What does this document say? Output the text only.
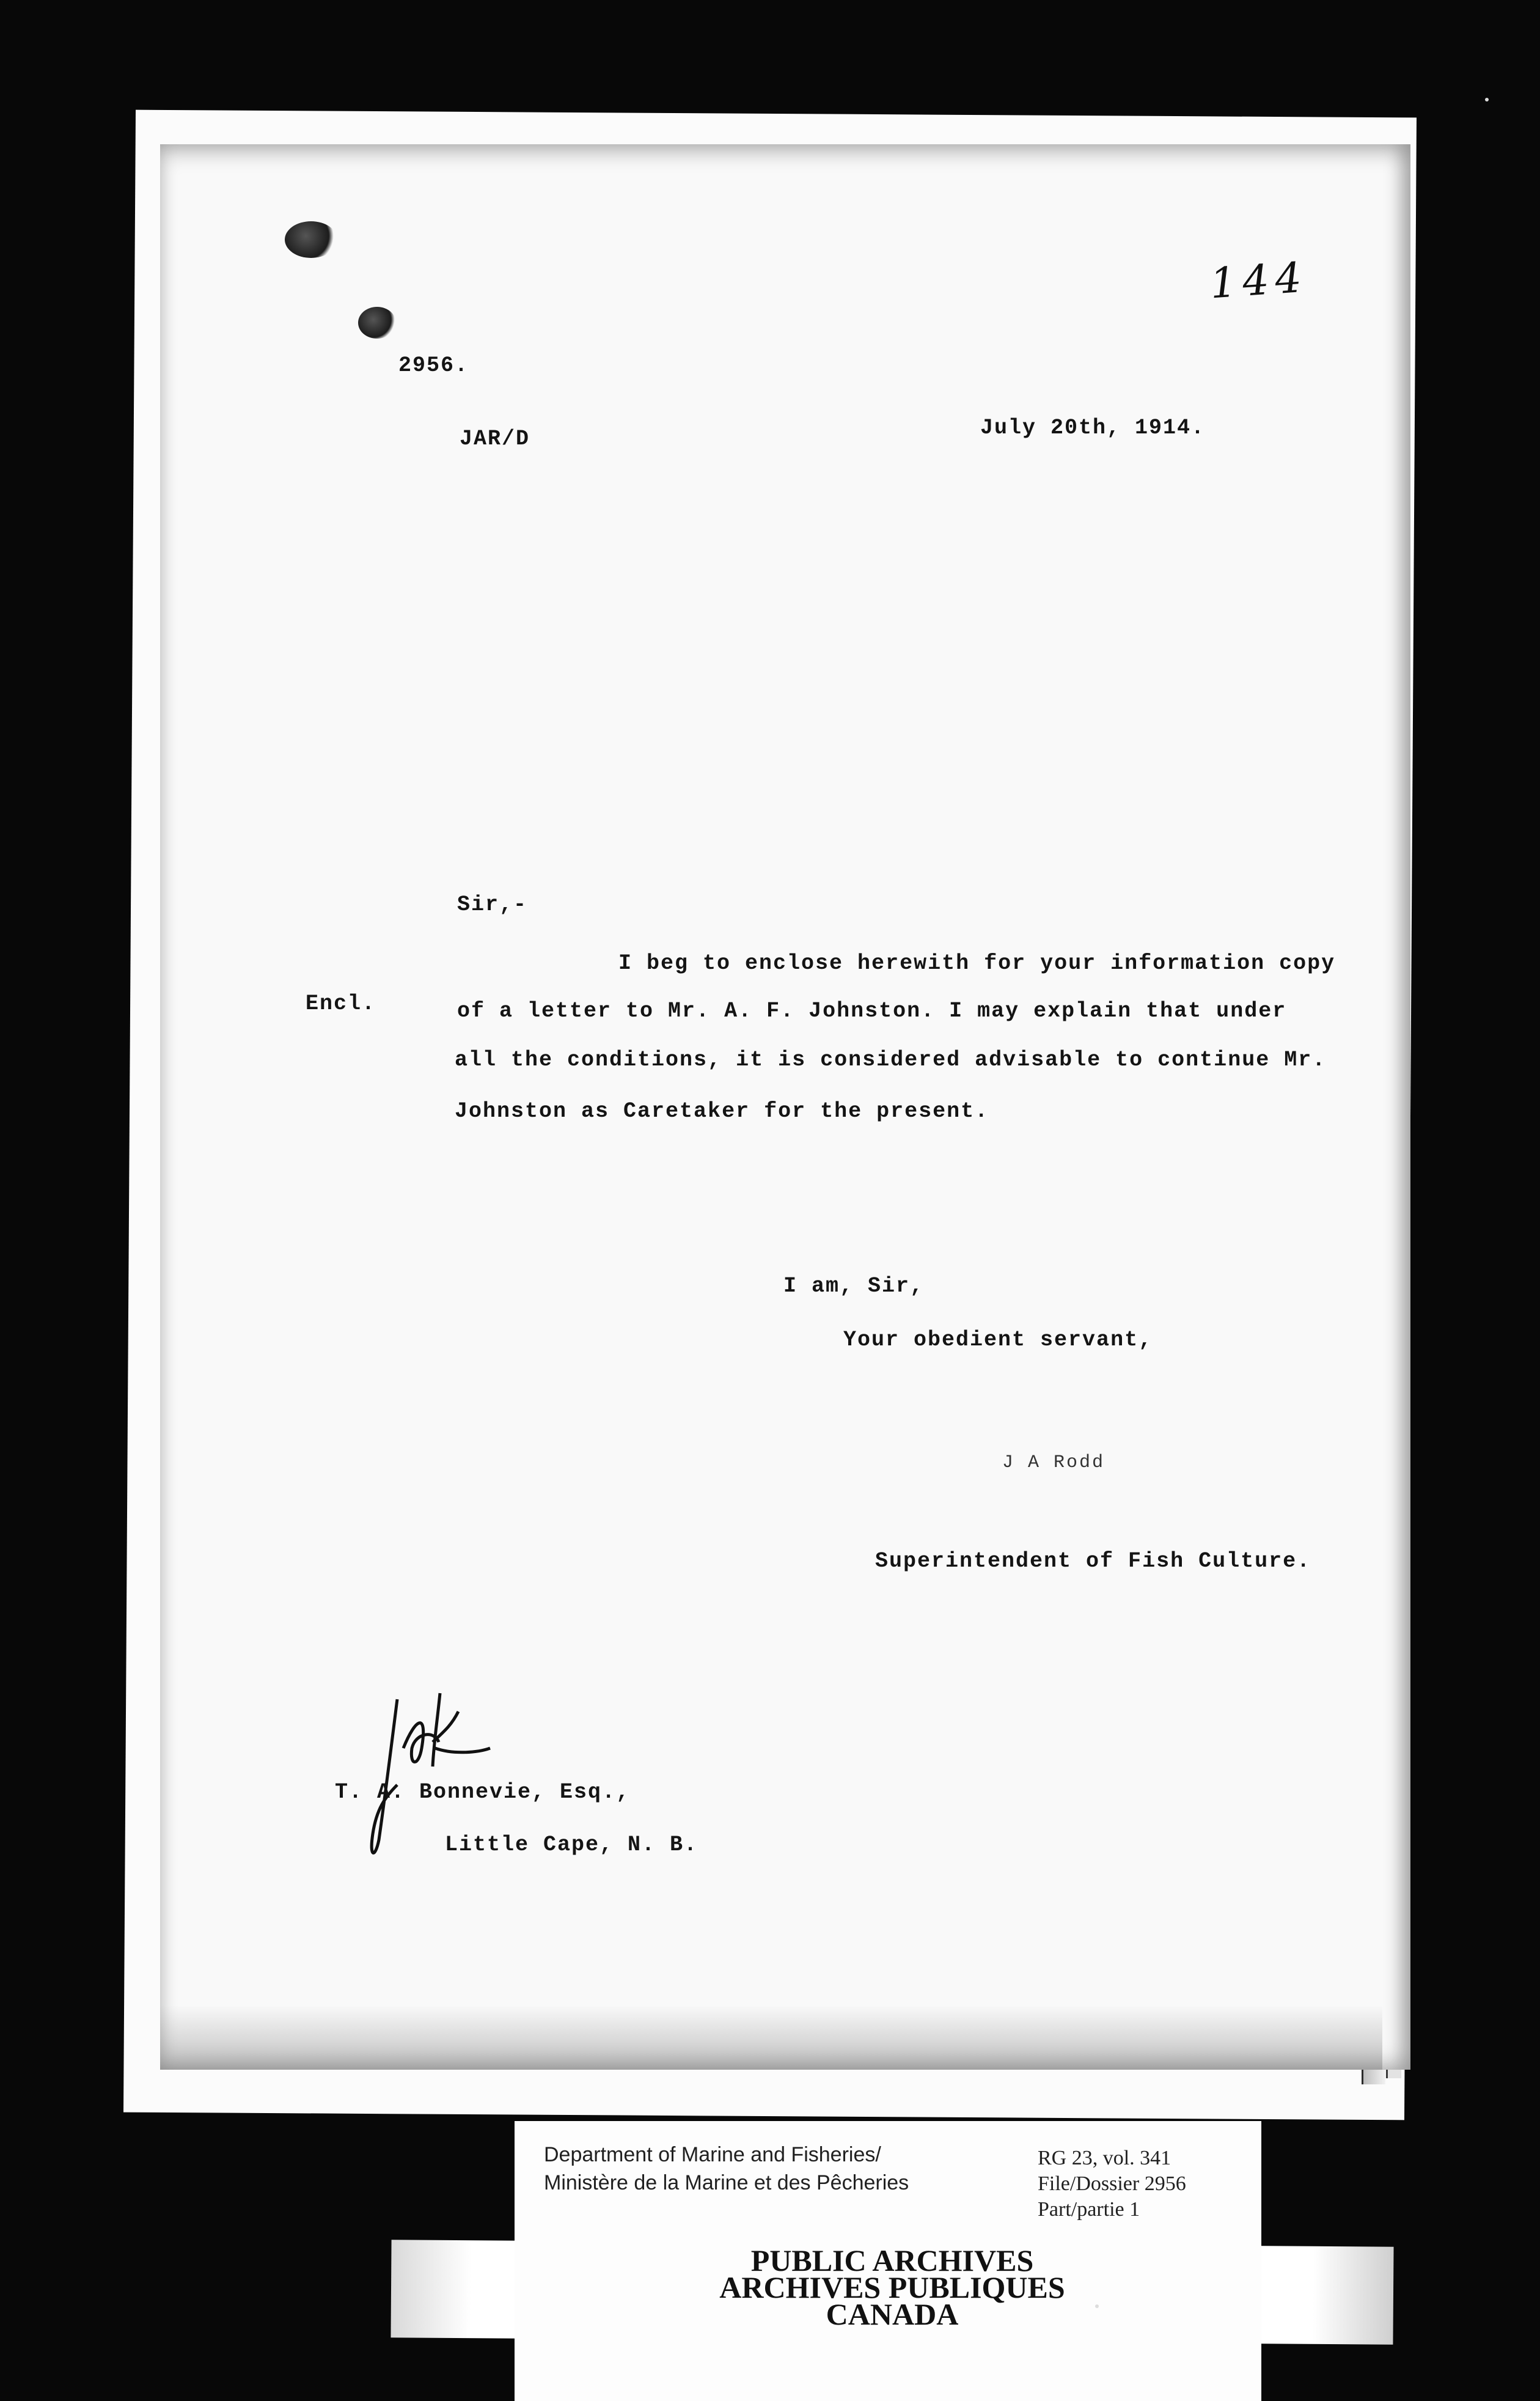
144
2956.
JAR/D	July 20th, 1914.
Sir,-
Encl.
I beg to enclose herewith for your information copy
of a letter to Mr. A. F. Johnston. I may explain that under
all the conditions, it is considered advisable to continue Mr.
Johnston as Caretaker for the present.
I am, Sir,
Your obedient servant,
J A Rodd
Superintendent of Fish Culture.
T. A. Bonnevie, Esq.,
Little Cape, N. B.
Department of Marine and Fisheries/
Ministère de la Marine et des Pêcheries
RG 23, vol. 341
File/Dossier 2956
Part/partie 1
PUBLIC ARCHIVES
ARCHIVES PUBLIQUES
CANADA
